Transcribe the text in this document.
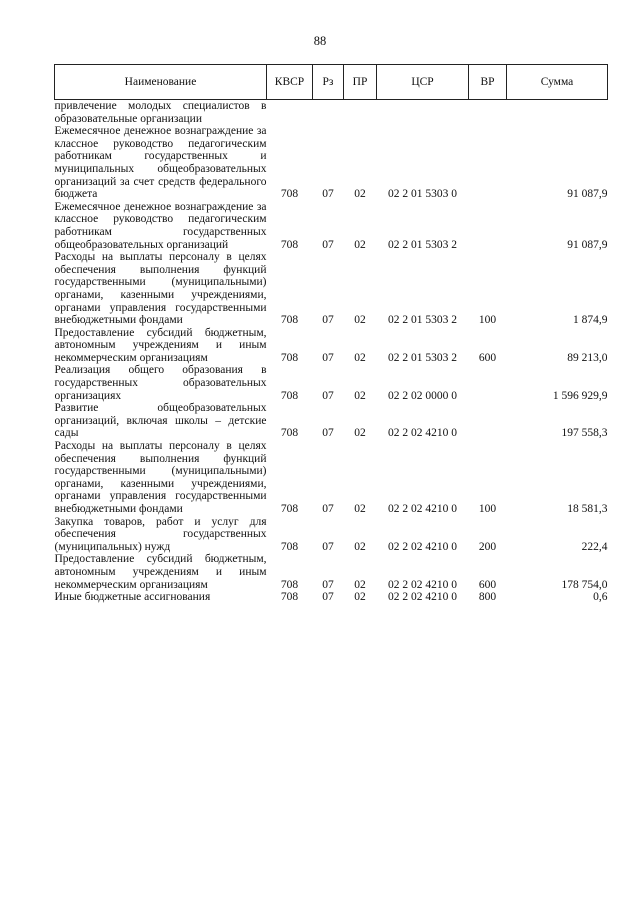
88
Наименование	КВСР	Рз	ПР	ЦСР	ВР	Сумма
привлечение молодых специалистов в образовательные организации						
Ежемесячное денежное вознаграждение за классное руководство педагогическим работникам государственных и муниципальных общеобразовательных организаций за счет средств федерального бюджета	708	07	02	02 2 01 5303 0		91 087,9
Ежемесячное денежное вознаграждение за классное руководство педагогическим работникам государственных общеобразовательных организаций	708	07	02	02 2 01 5303 2		91 087,9
Расходы на выплаты персоналу в целях обеспечения выполнения функций государственными (муниципальными) органами, казенными учреждениями, органами управления государственными внебюджетными фондами	708	07	02	02 2 01 5303 2	100	1 874,9
Предоставление субсидий бюджетным, автономным учреждениям и иным некоммерческим организациям	708	07	02	02 2 01 5303 2	600	89 213,0
Реализация общего образования в государственных образовательных организациях	708	07	02	02 2 02 0000 0		1 596 929,9
Развитие общеобразовательных организаций, включая школы – детские сады	708	07	02	02 2 02 4210 0		197 558,3
Расходы на выплаты персоналу в целях обеспечения выполнения функций государственными (муниципальными) органами, казенными учреждениями, органами управления государственными внебюджетными фондами	708	07	02	02 2 02 4210 0	100	18 581,3
Закупка товаров, работ и услуг для обеспечения государственных (муниципальных) нужд	708	07	02	02 2 02 4210 0	200	222,4
Предоставление субсидий бюджетным, автономным учреждениям и иным некоммерческим организациям	708	07	02	02 2 02 4210 0	600	178 754,0
Иные бюджетные ассигнования	708	07	02	02 2 02 4210 0	800	0,6
